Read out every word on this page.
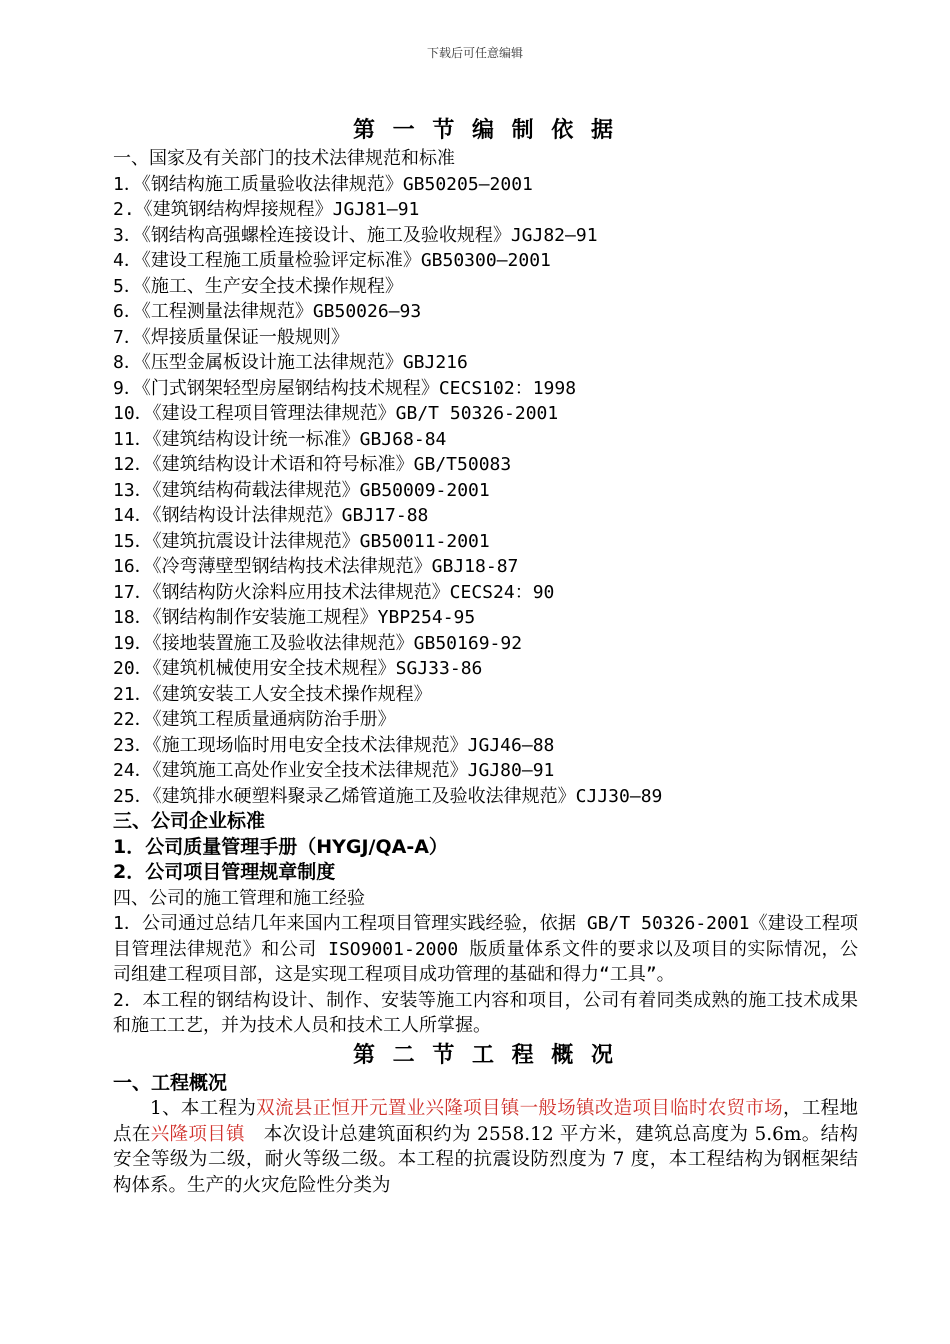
下载后可任意编辑
第 一 节 编 制 依 据
一、国家及有关部门的技术法律规范和标准
1．《钢结构施工质量验收法律规范》GB50205—2001
2.《建筑钢结构焊接规程》JGJ81—91
3．《钢结构高强螺栓连接设计、施工及验收规程》JGJ82—91
4．《建设工程施工质量检验评定标准》GB50300—2001
5．《施工、生产安全技术操作规程》
6．《工程测量法律规范》GB50026—93
7．《焊接质量保证一般规则》
8．《压型金属板设计施工法律规范》GBJ216
9．《门式钢架轻型房屋钢结构技术规程》CECS102：1998
10．《建设工程项目管理法律规范》GB/T 50326-2001
11．《建筑结构设计统一标准》GBJ68-84
12．《建筑结构设计术语和符号标准》GB/T50083
13．《建筑结构荷载法律规范》GB50009-2001
14．《钢结构设计法律规范》GBJ17-88
15．《建筑抗震设计法律规范》GB50011-2001
16．《冷弯薄壁型钢结构技术法律规范》GBJ18-87
17．《钢结构防火涂料应用技术法律规范》CECS24：90
18．《钢结构制作安装施工规程》YBP254-95
19．《接地装置施工及验收法律规范》GB50169-92
20．《建筑机械使用安全技术规程》SGJ33-86
21．《建筑安装工人安全技术操作规程》
22．《建筑工程质量通病防治手册》
23．《施工现场临时用电安全技术法律规范》JGJ46—88
24．《建筑施工高处作业安全技术法律规范》JGJ80—91
25．《建筑排水硬塑料聚录乙烯管道施工及验收法律规范》CJJ30—89
三、公司企业标准
1．公司质量管理手册（HYGJ/QA-A）
2．公司项目管理规章制度
四、公司的施工管理和施工经验
1．公司通过总结几年来国内工程项目管理实践经验，依据 GB/T 50326-2001《建设工程项目管理法律规范》和公司 ISO9001-2000 版质量体系文件的要求以及项目的实际情况，公司组建工程项目部，这是实现工程项目成功管理的基础和得力“工具”。
2．本工程的钢结构设计、制作、安装等施工内容和项目，公司有着同类成熟的施工技术成果和施工工艺，并为技术人员和技术工人所掌握。
第 二 节 工 程 概 况
一、工程概况
1、本工程为双流县正恒开元置业兴隆项目镇一般场镇改造项目临时农贸市场，工程地点在兴隆项目镇　本次设计总建筑面积约为 2558.12 平方米，建筑总高度为 5.6m。结构安全等级为二级，耐火等级二级。本工程的抗震设防烈度为 7 度，本工程结构为钢框架结构体系。生产的火灾危险性分类为
